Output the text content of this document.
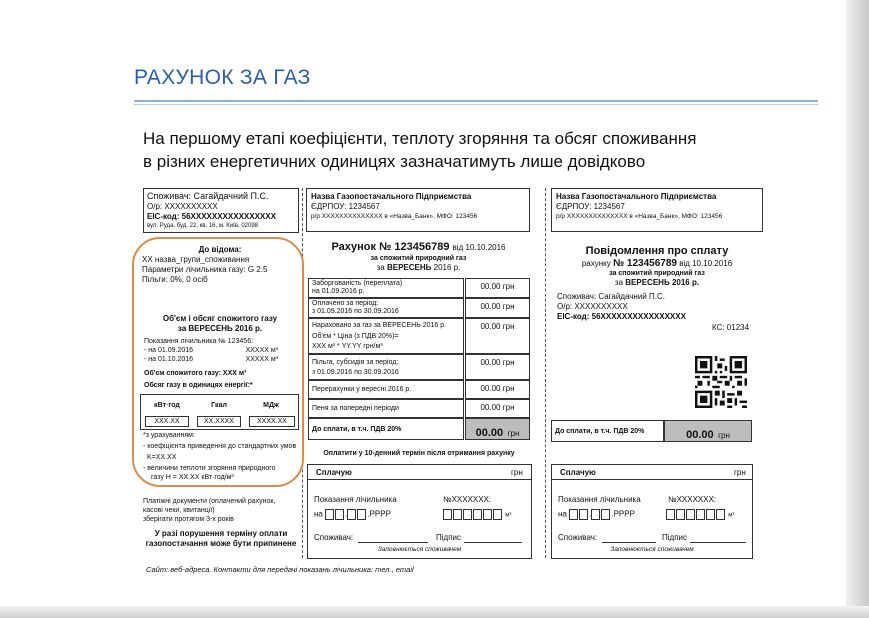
РАХУНОК ЗА ГАЗ
На першому етапі коефіцієнти, теплоту згоряння та обсяг споживання
в різних енергетичних одиницях зазначатимуть лише довідково
Споживач: Сагайдачний П.С.
О/р: XXXXXXXXXX
ЕІС-код: 56XXXXXXXXXXXXXXXX
вул. Руда, буд. 22, кв. 16, м. Київ, 02098
Назва Газопостачального Підприємства
ЄДРПОУ: 1234567
р/р XXXXXXXXXXXXXX в «Назва_Банк», МФО: 123456
Назва Газопостачального Підприємства
ЄДРПОУ: 1234567
р/р XXXXXXXXXXXXXX в «Назва_Банк», МФО: 123456
До відома:
ХХ назва_групи_споживання
Параметри лічильника газу: G 2.5
Пільги: 0%, 0 осіб
Об'єм і обсяг спожитого газу
за ВЕРЕСЕНЬ 2016 р.
Показання лічильника № 123456:
- на 01.09.2016	XXXXX м³
- на 01.10.2016	XXXXX м³
Об'єм спожитого газу: XXX м³
Обсяг газу в одиницях енергії:*
кВт·год	Гкал	МДж
XXX.XX	XX.XXXX	XXXX.XX
*з урахуванням:
- коефіцієнта приведення до стандартних умов
K=XX.XX
- величини теплоти згоряння природного
газу H = XX.XX кВт·год/м³
Платіжні документи (оплачений рахунок,
касові чеки, квитанції)
зберігати протягом 3-х років
У разі порушення терміну оплати
газопостачання може бути припинене
Рахунок № 123456789 від 10.10.2016
за спожитий природний газ
за ВЕРЕСЕНЬ 2016 р.
Заборгованість (переплата)
на 01.09.2016 р.
00.00 грн
Оплачено за період:
з 01.09.2016 по 30.09.2016
00.00 грн
Нараховано за газ за ВЕРЕСЕНЬ 2016 р.
Об'єм * Ціна (з ПДВ 20%)=
XXX м³ * YY.YY грн/м³
00.00 грн
Пільга, субсидія за період:
з 01.09.2016 по 30.09.2016
00.00 грн
Перерахунки у вересні 2016 р.	00.00 грн
Пеня за попередні періоди	00.00 грн
До сплати, в т.ч. ПДВ 20%	00.00 грн
Оплатити у 10-денний термін після отримання рахунку
Повідомлення про сплату
рахунку № 123456789 від 10.10.2016
за спожитий природний газ
за ВЕРЕСЕНЬ 2016 р.
Споживач: Сагайдачний П.С.
О/р: XXXXXXXXXX
ЕІС-код: 56XXXXXXXXXXXXXXXX
КС: 01234
До сплати, в т.ч. ПДВ 20%	00.00 грн
Сплачую	грн
Показання лічильника	№XXXXXXX:
на	.	.РРРР	м³
Споживач:	Підпис
Заповнюється споживачем
Сплачую	грн
Показання лічильника	№XXXXXXX:
на	.	.РРРР	м³
Споживач:	Підпис
Заповнюється споживачем
Сайт: веб-адреса. Контакти для передачі показань лічильника: тел., email
